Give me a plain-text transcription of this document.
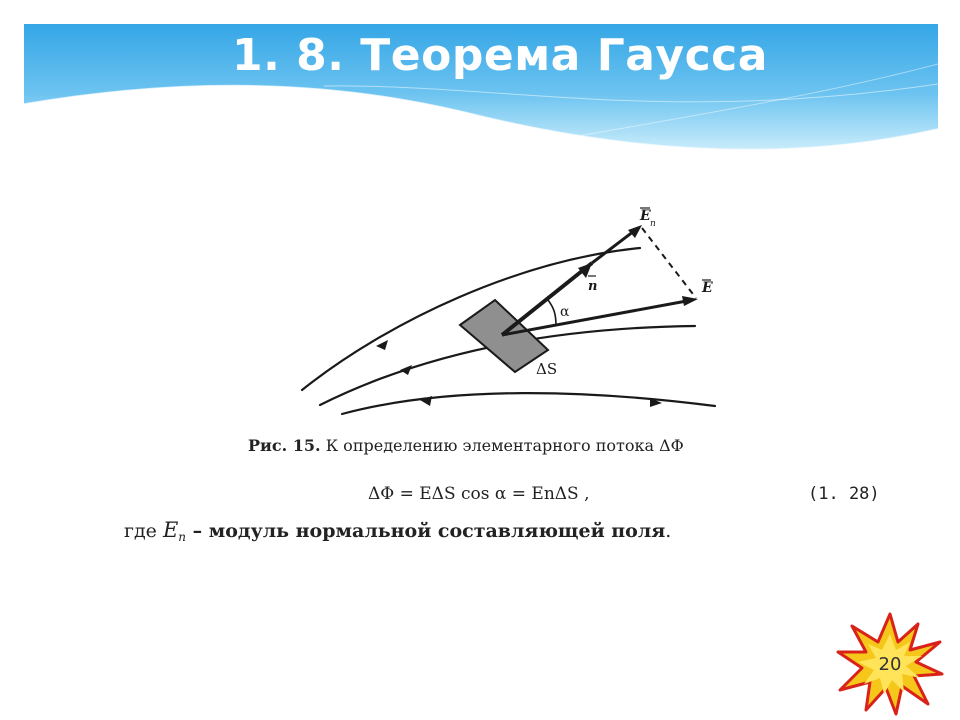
1. 8. Теорема Гаусса
E n
n	E
α
ΔS
Рис. 15. К определению элементарного потока ΔΦ
ΔΦ = EΔS cos α = EnΔS ,	(1. 28)
где $E_n$ – модуль нормальной составляющей поля.
20
